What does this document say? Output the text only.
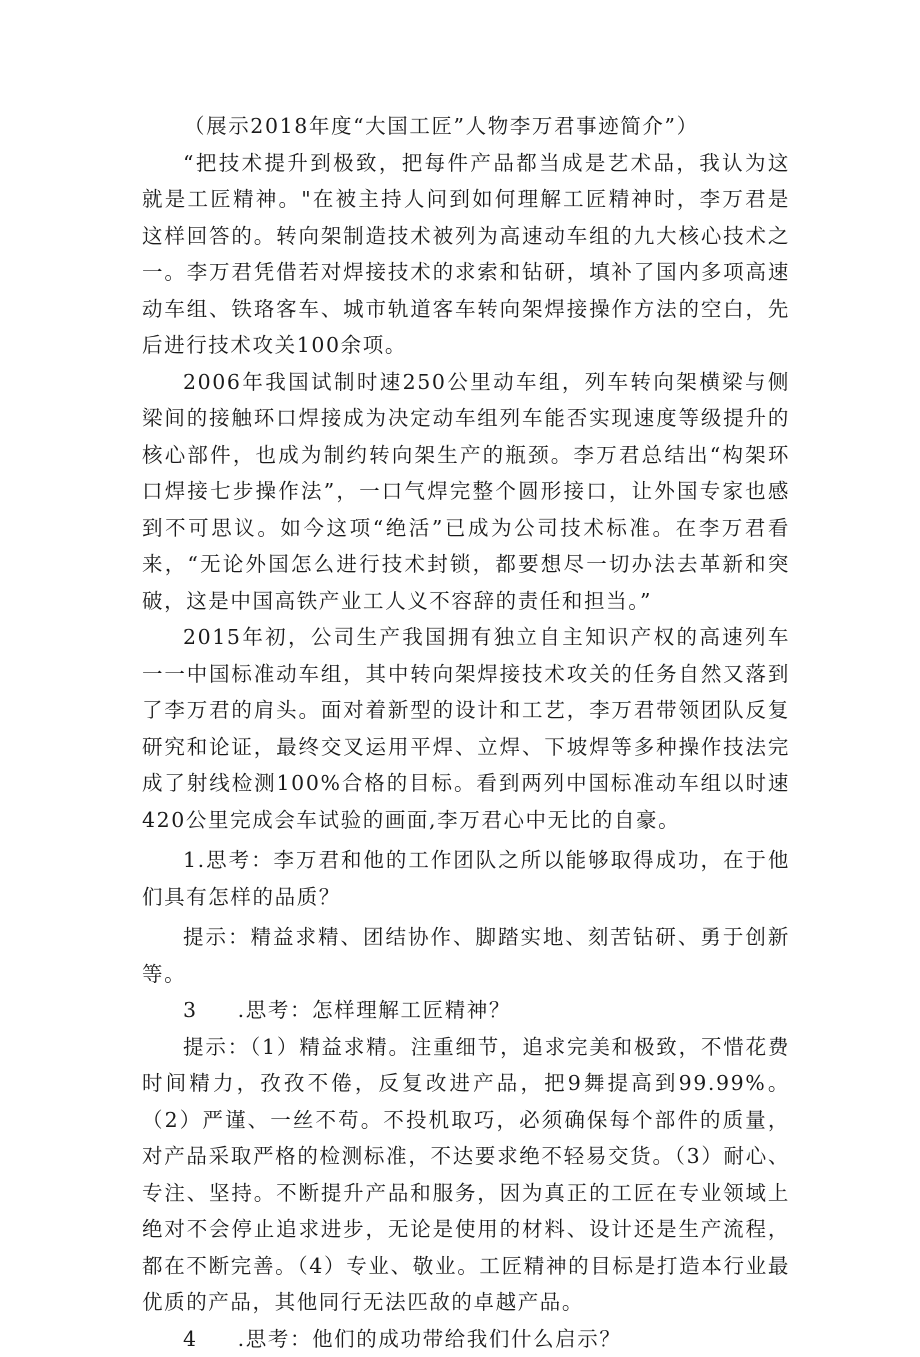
（展示2018年度“大国工匠”人物李万君事迹简介”）

“把技术提升到极致，把每件产品都当成是艺术品，我认为这就是工匠精神。"在被主持人问到如何理解工匠精神时，李万君是这样回答的。转向架制造技术被列为高速动车组的九大核心技术之一。李万君凭借若对焊接技术的求索和钻研，填补了国内多项高速动车组、铁珞客车、城市轨道客车转向架焊接操作方法的空白，先后进行技术攻关100余项。

2006年我国试制时速250公里动车组，列车转向架横梁与侧梁间的接触环口焊接成为决定动车组列车能否实现速度等级提升的核心部件，也成为制约转向架生产的瓶颈。李万君总结出“构架环口焊接七步操作法”，一口气焊完整个圆形接口，让外国专家也感到不可思议。如今这项“绝活”已成为公司技术标准。在李万君看来，“无论外国怎么进行技术封锁，都要想尽一切办法去革新和突破，这是中国高铁产业工人义不容辞的责任和担当。”

2015年初，公司生产我国拥有独立自主知识产权的高速列车一一中国标准动车组，其中转向架焊接技术攻关的任务自然又落到了李万君的肩头。面对着新型的设计和工艺，李万君带领团队反复研究和论证，最终交叉运用平焊、立焊、下坡焊等多种操作技法完成了射线检测100%合格的目标。看到两列中国标准动车组以时速420公里完成会车试验的画面,李万君心中无比的自豪。

1.思考：李万君和他的工作团队之所以能够取得成功，在于他们具有怎样的品质？

提示：精益求精、团结协作、脚踏实地、刻苦钻研、勇于创新等。

3 .思考：怎样理解工匠精神？

提示：（1）精益求精。注重细节，追求完美和极致，不惜花费时间精力，孜孜不倦，反复改进产品，把9舞提高到99.99%。（2）严谨、一丝不苟。不投机取巧，必须确保每个部件的质量，对产品采取严格的检测标准，不达要求绝不轻易交货。（3）耐心、专注、坚持。不断提升产品和服务，因为真正的工匠在专业领域上绝对不会停止追求进步，无论是使用的材料、设计还是生产流程，都在不断完善。（4）专业、敬业。工匠精神的目标是打造本行业最优质的产品，其他同行无法匹敌的卓越产品。

4 .思考：他们的成功带给我们什么启示？
